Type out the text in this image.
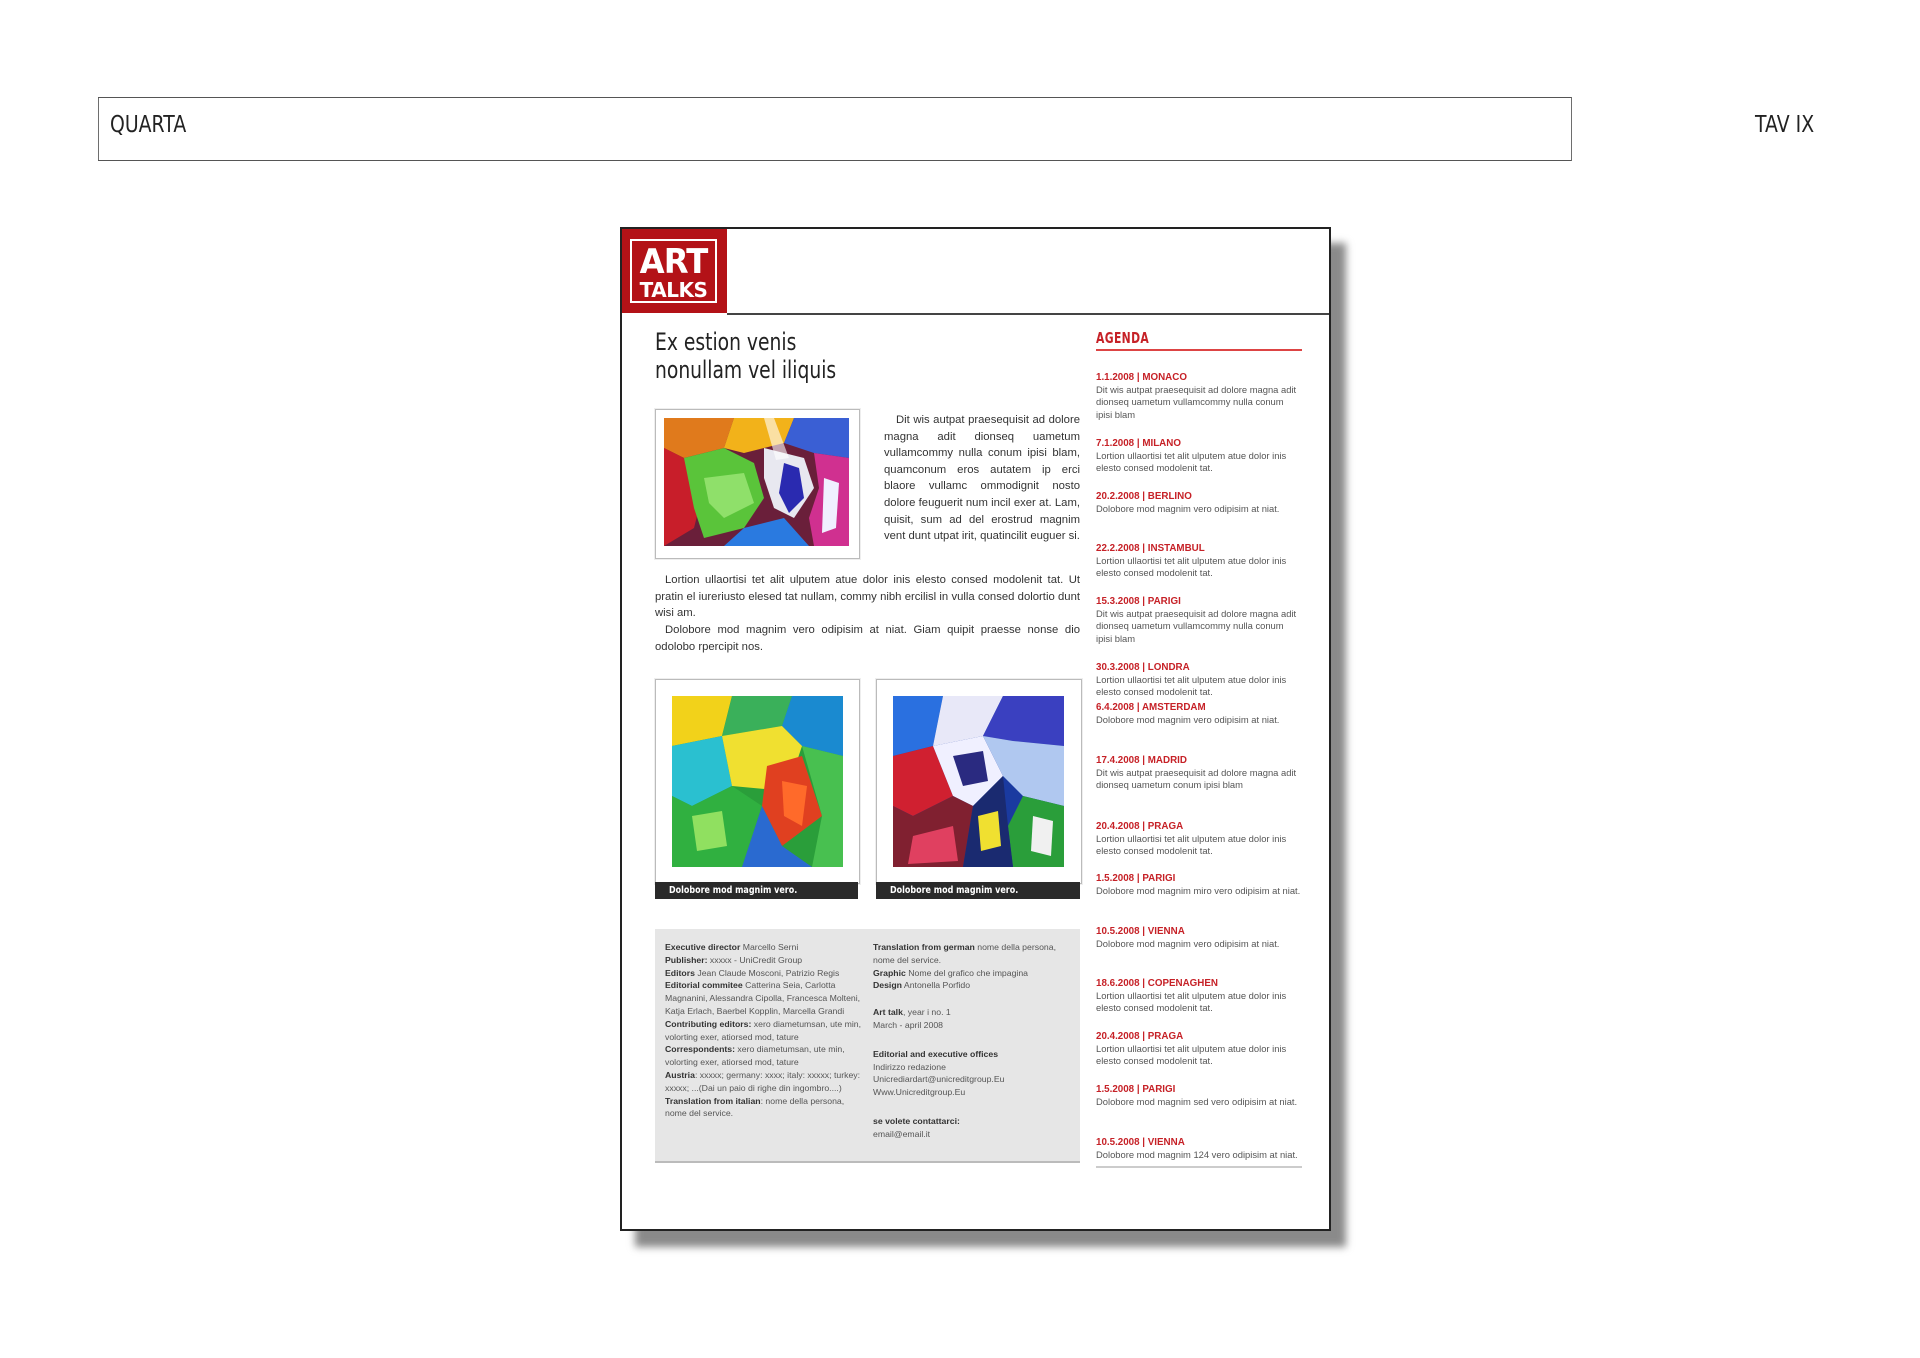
QUARTA	TAV IX
ART
TALKS
Ex estion venis
nonullam vel iliquis
Dit wis autpat praesequisit ad dolore magna adit dionseq uametum vullamcommy nulla conum ipisi blam, quamconum eros autatem ip erci blaore vullamc ommodignit nosto dolore feuguerit num incil exer at. Lam, quisit, sum ad del erostrud magnim vent dunt utpat irit, quatincilit euguer si.
Lortion ullaortisi tet alit ulputem atue dolor inis elesto consed modolenit tat. Ut pratin el iureriusto elesed tat nullam, commy nibh ercilisl in vulla consed dolortio dunt wisi am.
Dolobore mod magnim vero odipisim at niat. Giam quipit praesse nonse dio odolobo rpercipit nos.
Dolobore mod magnim vero.	Dolobore mod magnim vero.

Executive director Marcello Serni

Publisher: xxxxx - UniCredit Group

Editors Jean Claude Mosconi, Patrizio Regis

Editorial commitee Catterina Seia, Carlotta Magnanini, Alessandra Cipolla, Francesca Molteni, Katja Erlach, Baerbel Kopplin, Marcella Grandi

Contributing editors: xero diametumsan, ute min, volorting exer, atiorsed mod, tature

Correspondents: xero diametumsan, ute min, volorting exer, atiorsed mod, tature

Austria: xxxxx; germany: xxxx; italy: xxxxx; turkey: xxxxx; ...(Dai un paio di righe din ingombro....)

Translation from italian: nome della persona, nome del service.

Translation from german nome della persona, nome del service.

Graphic Nome del grafico che impagina

Design Antonella Porfido

Art talk, year i no. 1

March - april 2008

Editorial and executive offices

Indirizzo redazione

Unicrediardart@unicreditgroup.Eu

Www.Unicreditgroup.Eu

se volete contattarci:

email@email.it

AGENDA
1.1.2008 | MONACO
Dit wis autpat praesequisit ad dolore magna adit dionseq uametum vullamcommy nulla conum ipisi blam
7.1.2008 | MILANO
Lortion ullaortisi tet alit ulputem atue dolor inis elesto consed modolenit tat.
20.2.2008 | BERLINO
Dolobore mod magnim vero odipisim at niat.
22.2.2008 | INSTAMBUL
Lortion ullaortisi tet alit ulputem atue dolor inis elesto consed modolenit tat.
15.3.2008 | PARIGI
Dit wis autpat praesequisit ad dolore magna adit dionseq uametum vullamcommy nulla conum ipisi blam
30.3.2008 | LONDRA
Lortion ullaortisi tet alit ulputem atue dolor inis elesto consed modolenit tat.
6.4.2008 | AMSTERDAM
Dolobore mod magnim vero odipisim at niat.
17.4.2008 | MADRID
Dit wis autpat praesequisit ad dolore magna adit dionseq uametum conum ipisi blam
20.4.2008 | PRAGA
Lortion ullaortisi tet alit ulputem atue dolor inis elesto consed modolenit tat.
1.5.2008 | PARIGI
Dolobore mod magnim miro vero odipisim at niat.
10.5.2008 | VIENNA
Dolobore mod magnim vero odipisim at niat.
18.6.2008 | COPENAGHEN
Lortion ullaortisi tet alit ulputem atue dolor inis elesto consed modolenit tat.
20.4.2008 | PRAGA
Lortion ullaortisi tet alit ulputem atue dolor inis elesto consed modolenit tat.
1.5.2008 | PARIGI
Dolobore mod magnim sed vero odipisim at niat.
10.5.2008 | VIENNA
Dolobore mod magnim 124 vero odipisim at niat.
